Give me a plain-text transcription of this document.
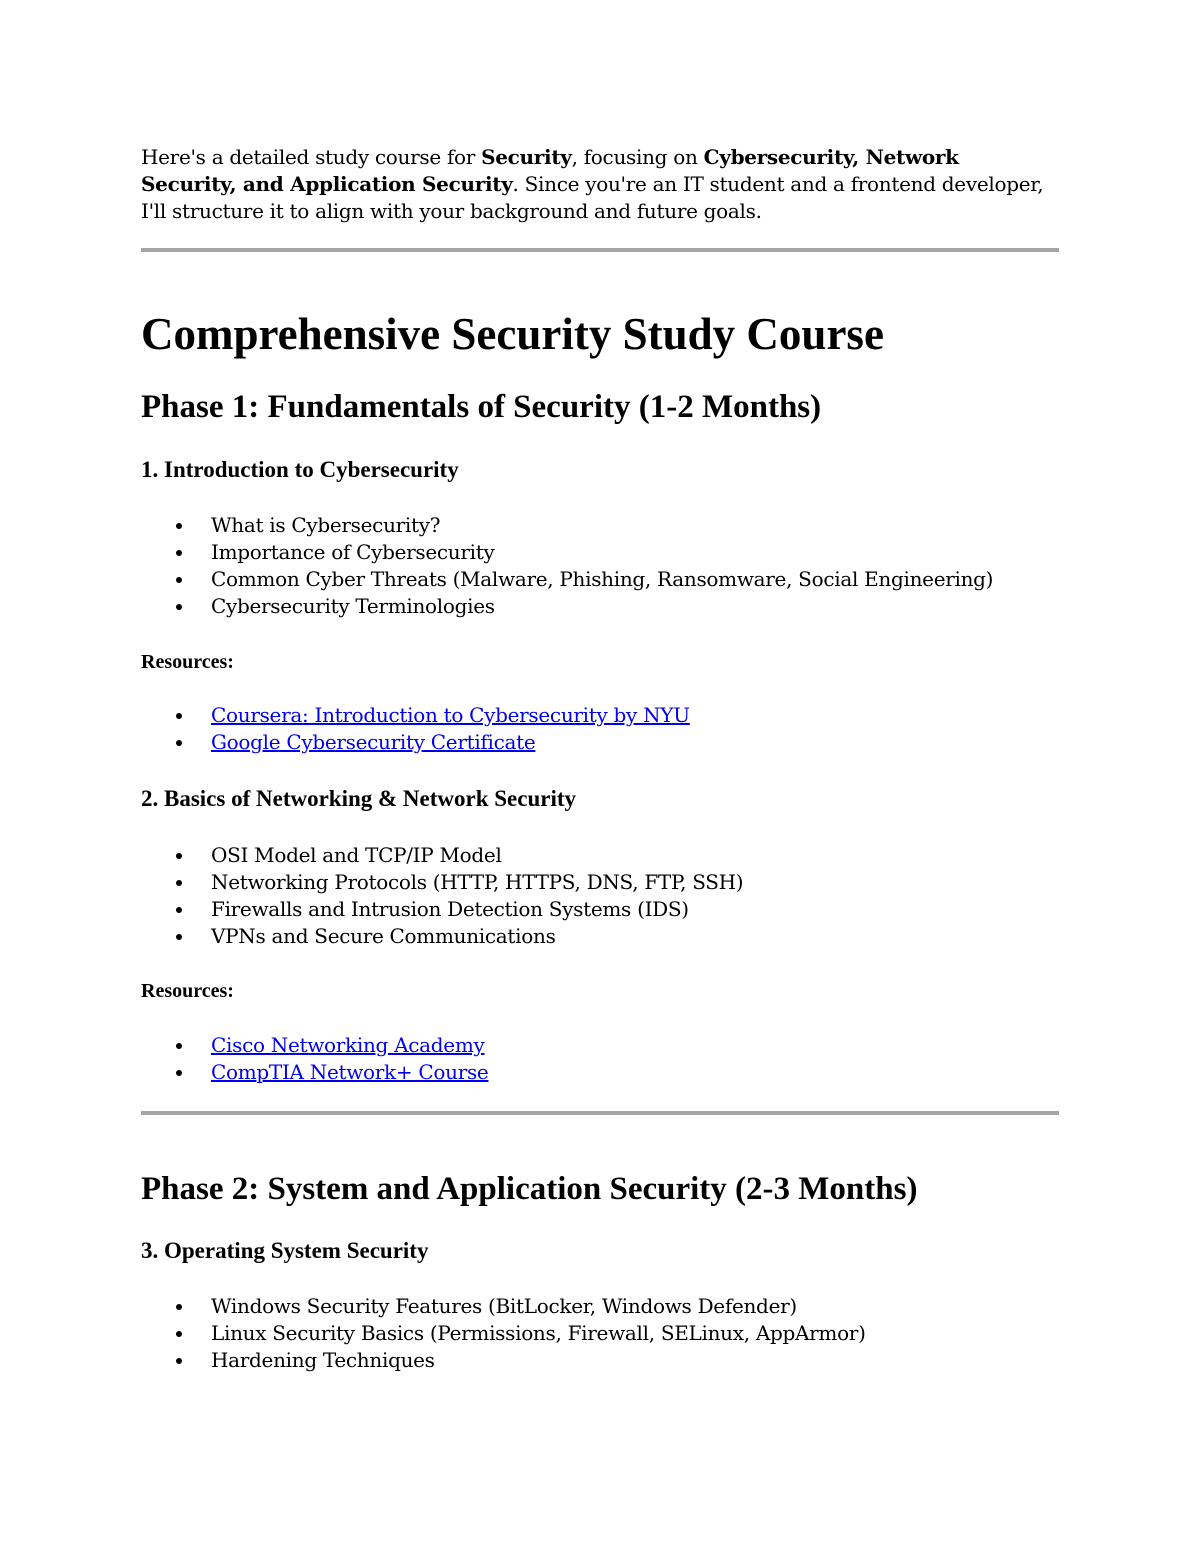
Here's a detailed study course for Security, focusing on Cybersecurity, Network Security, and Application Security. Since you're an IT student and a frontend developer, I'll structure it to align with your background and future goals.

Comprehensive Security Study Course
Phase 1: Fundamentals of Security (1-2 Months)
1. Introduction to Cybersecurity
What is Cybersecurity?
Importance of Cybersecurity
Common Cyber Threats (Malware, Phishing, Ransomware, Social Engineering)
Cybersecurity Terminologies

Resources:

Coursera: Introduction to Cybersecurity by NYU
Google Cybersecurity Certificate
2. Basics of Networking & Network Security
OSI Model and TCP/IP Model
Networking Protocols (HTTP, HTTPS, DNS, FTP, SSH)
Firewalls and Intrusion Detection Systems (IDS)
VPNs and Secure Communications

Resources:

Cisco Networking Academy
CompTIA Network+ Course
Phase 2: System and Application Security (2-3 Months)
3. Operating System Security
Windows Security Features (BitLocker, Windows Defender)
Linux Security Basics (Permissions, Firewall, SELinux, AppArmor)
Hardening Techniques
